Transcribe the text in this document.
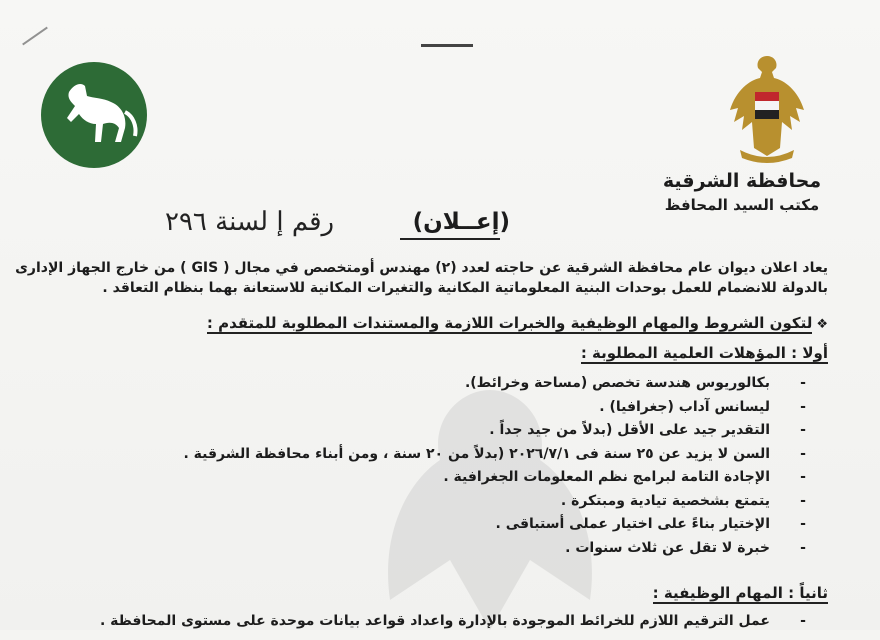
محافظة الشرقية
مكتب السيد المحافظ
(إعــلان)
رقم إ لسنة ٢٩٦

يعاد اعلان ديوان عام محافظة الشرقية عن حاجته لعدد (٢) مهندس أومتخصص في مجال ( GIS ) من خارج الجهاز الإدارى

بالدولة للانضمام للعمل بوحدات البنية المعلوماتية المكانية والتغيرات المكانية للاستعانة بهما بنظام التعاقد .

❖لتكون الشروط والمهام الوظيفية والخبرات اللازمة والمستندات المطلوبة للمتقدم :
أولا : المؤهلات العلمية المطلوبة :
-
بكالوريوس هندسة تخصص (مساحة وخرائط).
-
ليسانس آداب (جغرافيا) .
-
التقدير جيد على الأقل (بدلاً من جيد جداً .
-
السن لا يزيد عن ٢٥ سنة فى ٢٠٢٦/٧/١ (بدلاً من ٢٠ سنة ، ومن أبناء محافظة الشرقية .
-
الإجادة التامة لبرامج نظم المعلومات الجغرافية .
-
يتمتع بشخصية تيادية ومبتكرة .
-
الإختيار بناءً على اختيار عملى أستباقى .
-
خبرة لا تقل عن ثلاث سنوات .
ثانياً : المهام الوظيفية :
-
عمل الترقيم اللازم للخرائط الموجودة بالإدارة واعداد قواعد بيانات موحدة على مستوى المحافظة .
